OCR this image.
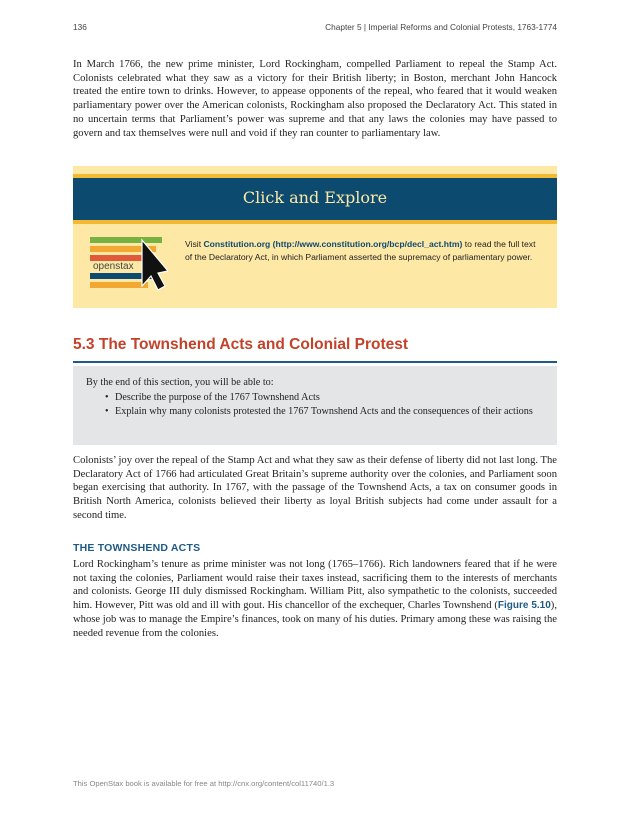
136	Chapter 5 | Imperial Reforms and Colonial Protests, 1763-1774

In March 1766, the new prime minister, Lord Rockingham, compelled Parliament to repeal the Stamp Act. Colonists celebrated what they saw as a victory for their British liberty; in Boston, merchant John Hancock treated the entire town to drinks. However, to appease opponents of the repeal, who feared that it would weaken parliamentary power over the American colonists, Rockingham also proposed the Declaratory Act. This stated in no uncertain terms that Parliament’s power was supreme and that any laws the colonies may have passed to govern and tax themselves were null and void if they ran counter to parliamentary law.

Click and Explore
openstax
Visit Constitution.org (http://www.constitution.org/bcp/decl_act.htm) to read the full text of the Declaratory Act, in which Parliament asserted the supremacy of parliamentary power.
5.3 The Townshend Acts and Colonial Protest
By the end of this section, you will be able to:
• Describe the purpose of the 1767 Townshend Acts
• Explain why many colonists protested the 1767 Townshend Acts and the consequences of their actions

Colonists’ joy over the repeal of the Stamp Act and what they saw as their defense of liberty did not last long. The Declaratory Act of 1766 had articulated Great Britain’s supreme authority over the colonies, and Parliament soon began exercising that authority. In 1767, with the passage of the Townshend Acts, a tax on consumer goods in British North America, colonists believed their liberty as loyal British subjects had come under assault for a second time.

THE TOWNSHEND ACTS

Lord Rockingham’s tenure as prime minister was not long (1765–1766). Rich landowners feared that if he were not taxing the colonies, Parliament would raise their taxes instead, sacrificing them to the interests of merchants and colonists. George III duly dismissed Rockingham. William Pitt, also sympathetic to the colonists, succeeded him. However, Pitt was old and ill with gout. His chancellor of the exchequer, Charles Townshend (Figure 5.10), whose job was to manage the Empire’s finances, took on many of his duties. Primary among these was raising the needed revenue from the colonies.

This OpenStax book is available for free at http://cnx.org/content/col11740/1.3
